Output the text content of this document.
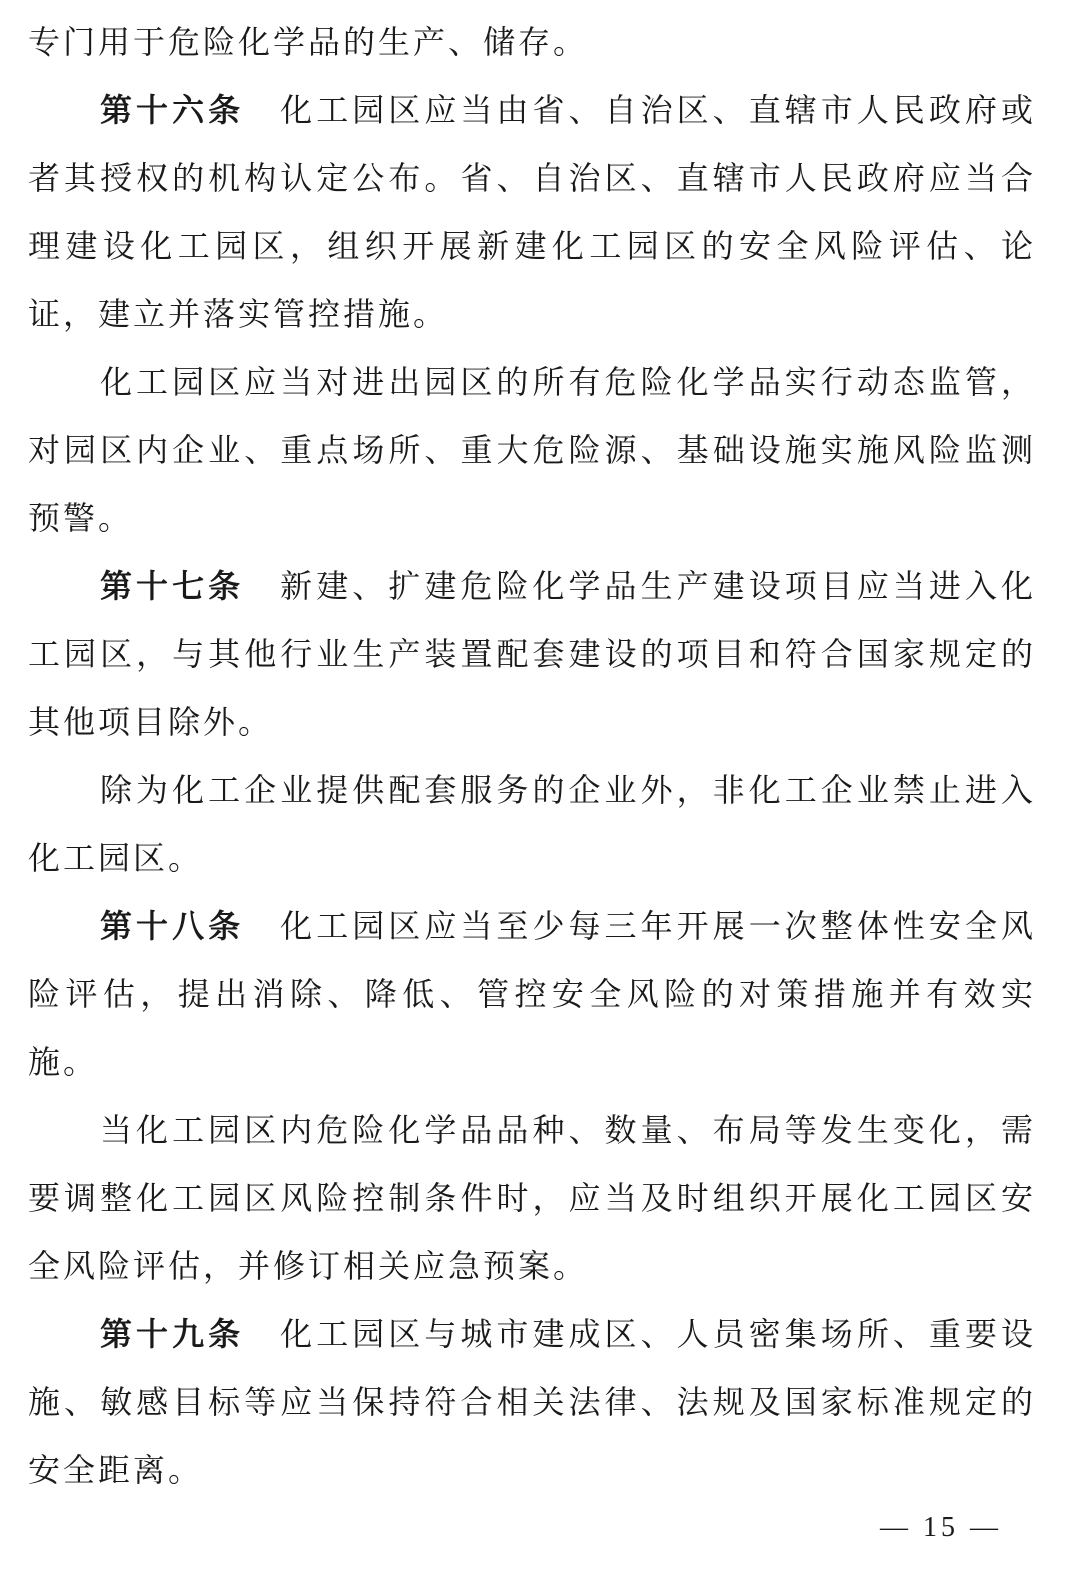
专门用于危险化学品的生产、储存。
第十六条 化工园区应当由省、自治区、直辖市人民政府或
者其授权的机构认定公布。省、自治区、直辖市人民政府应当合
理建设化工园区，组织开展新建化工园区的安全风险评估、论
证，建立并落实管控措施。
化工园区应当对进出园区的所有危险化学品实行动态监管，
对园区内企业、重点场所、重大危险源、基础设施实施风险监测
预警。
第十七条 新建、扩建危险化学品生产建设项目应当进入化
工园区，与其他行业生产装置配套建设的项目和符合国家规定的
其他项目除外。
除为化工企业提供配套服务的企业外，非化工企业禁止进入
化工园区。
第十八条 化工园区应当至少每三年开展一次整体性安全风
险评估，提出消除、降低、管控安全风险的对策措施并有效实
施。
当化工园区内危险化学品品种、数量、布局等发生变化，需
要调整化工园区风险控制条件时，应当及时组织开展化工园区安
全风险评估，并修订相关应急预案。
第十九条 化工园区与城市建成区、人员密集场所、重要设
施、敏感目标等应当保持符合相关法律、法规及国家标准规定的
安全距离。
— 15 —
